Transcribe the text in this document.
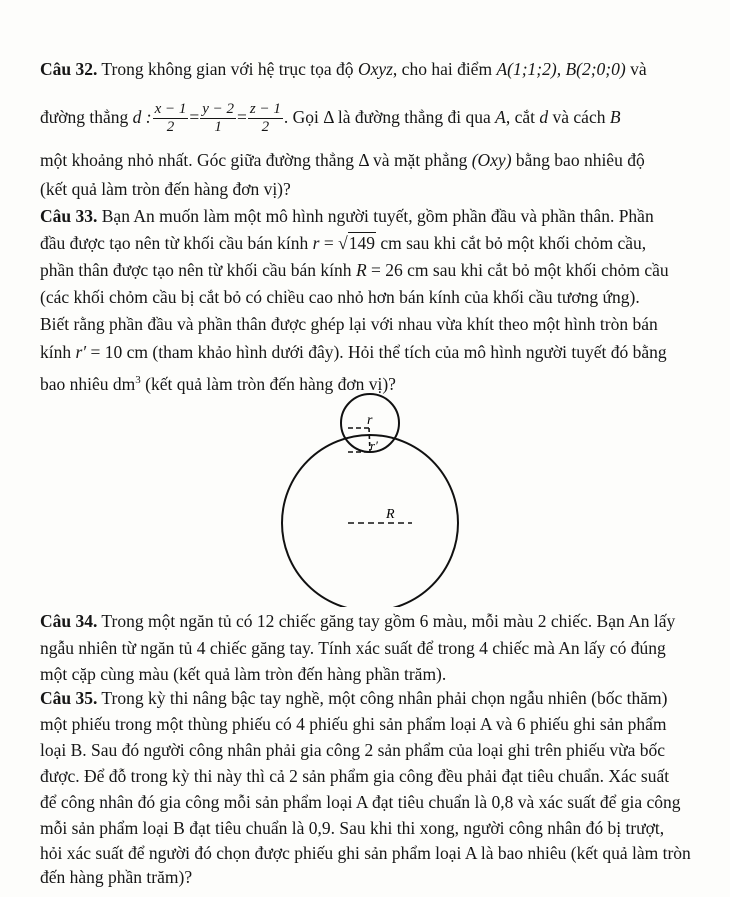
Câu 32. Trong không gian với hệ trục tọa độ Oxyz, cho hai điểm A(1;1;2), B(2;0;0) và
đường thẳng d : $\frac{x - 1}{2} = \frac{y - 2}{1} = \frac{z - 1}{2}$ . Gọi Δ là đường thẳng đi qua A, cắt d và cách B
một khoảng nhỏ nhất. Góc giữa đường thẳng Δ và mặt phẳng (Oxy) bằng bao nhiêu độ
(kết quả làm tròn đến hàng đơn vị)?
Câu 33. Bạn An muốn làm một mô hình người tuyết, gồm phần đầu và phần thân. Phần
đầu được tạo nên từ khối cầu bán kính r = √149 cm sau khi cắt bỏ một khối chỏm cầu,
phần thân được tạo nên từ khối cầu bán kính R = 26 cm sau khi cắt bỏ một khối chỏm cầu
(các khối chỏm cầu bị cắt bỏ có chiều cao nhỏ hơn bán kính của khối cầu tương ứng).
Biết rằng phần đầu và phần thân được ghép lại với nhau vừa khít theo một hình tròn bán
kính r′ = 10 cm (tham khảo hình dưới đây). Hỏi thể tích của mô hình người tuyết đó bằng
bao nhiêu $dm^3$ (kết quả làm tròn đến hàng đơn vị)?
r
r′
R
Câu 34. Trong một ngăn tủ có 12 chiếc găng tay gồm 6 màu, mỗi màu 2 chiếc. Bạn An lấy
ngẫu nhiên từ ngăn tủ 4 chiếc găng tay. Tính xác suất để trong 4 chiếc mà An lấy có đúng
một cặp cùng màu (kết quả làm tròn đến hàng phần trăm).
Câu 35. Trong kỳ thi nâng bậc tay nghề, một công nhân phải chọn ngẫu nhiên (bốc thăm)
một phiếu trong một thùng phiếu có 4 phiếu ghi sản phẩm loại A và 6 phiếu ghi sản phẩm
loại B. Sau đó người công nhân phải gia công 2 sản phẩm của loại ghi trên phiếu vừa bốc
được. Để đỗ trong kỳ thi này thì cả 2 sản phẩm gia công đều phải đạt tiêu chuẩn. Xác suất
để công nhân đó gia công mỗi sản phẩm loại A đạt tiêu chuẩn là 0,8 và xác suất để gia công
mỗi sản phẩm loại B đạt tiêu chuẩn là 0,9. Sau khi thi xong, người công nhân đó bị trượt,
hỏi xác suất để người đó chọn được phiếu ghi sản phẩm loại A là bao nhiêu (kết quả làm tròn
đến hàng phần trăm)?
